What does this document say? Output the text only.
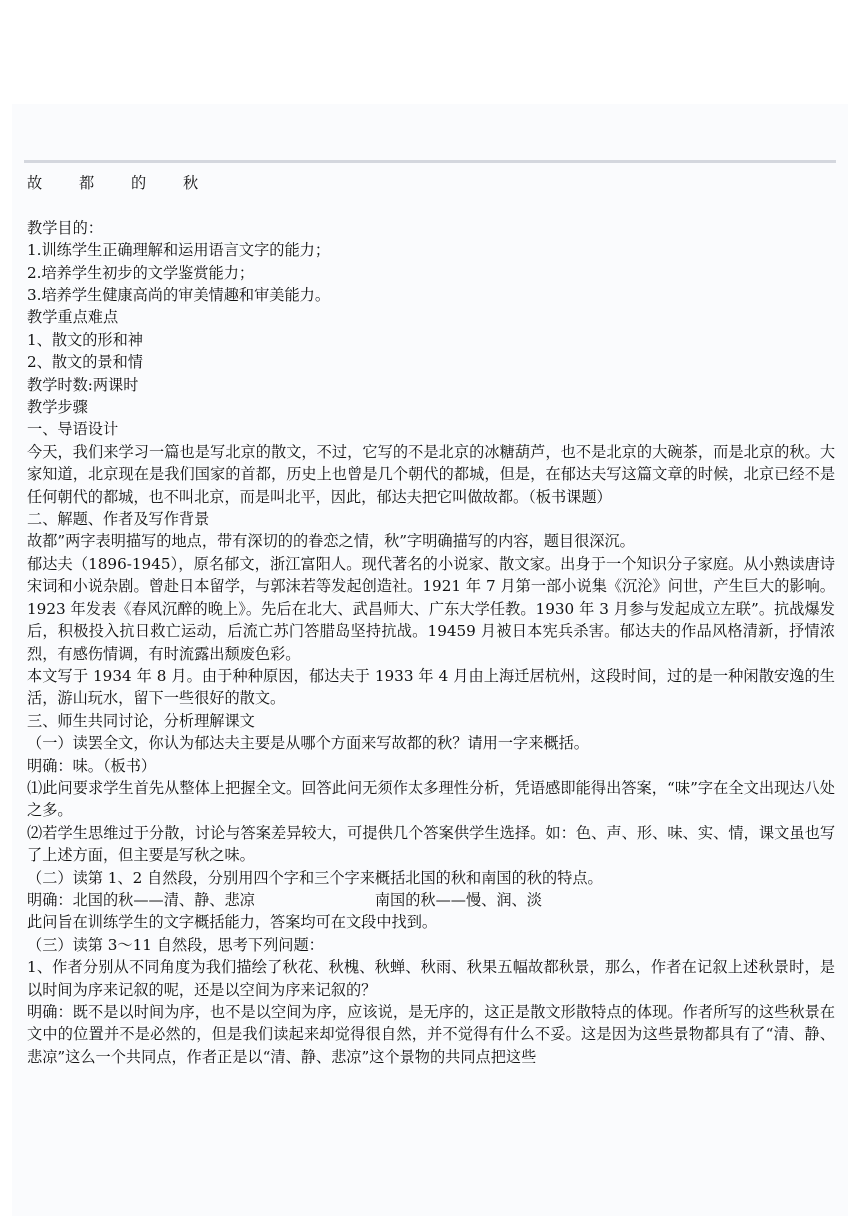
故 都 的 秋

教学目的：

1.训练学生正确理解和运用语言文字的能力；

2.培养学生初步的文学鉴赏能力；

3.培养学生健康高尚的审美情趣和审美能力。

教学重点难点

1、散文的形和神

2、散文的景和情

教学时数:两课时

教学步骤

一、导语设计

今天，我们来学习一篇也是写北京的散文，不过，它写的不是北京的冰糖葫芦，也不是北京的大碗茶，而是北京的秋。大家知道，北京现在是我们国家的首都，历史上也曾是几个朝代的都城，但是，在郁达夫写这篇文章的时候，北京已经不是任何朝代的都城，也不叫北京，而是叫北平，因此，郁达夫把它叫做故都。（板书课题）

二、解题、作者及写作背景

故都”两字表明描写的地点，带有深切的的眷恋之情，秋”字明确描写的内容，题目很深沉。

郁达夫（1896-1945），原名郁文，浙江富阳人。现代著名的小说家、散文家。出身于一个知识分子家庭。从小熟读唐诗宋词和小说杂剧。曾赴日本留学，与郭沫若等发起创造社。1921 年 7 月第一部小说集《沉沦》问世，产生巨大的影响。1923 年发表《春风沉醉的晚上》。先后在北大、武昌师大、广东大学任教。1930 年 3 月参与发起成立左联”。抗战爆发后，积极投入抗日救亡运动，后流亡苏门答腊岛坚持抗战。19459 月被日本宪兵杀害。郁达夫的作品风格清新，抒情浓烈，有感伤情调，有时流露出颓废色彩。

本文写于 1934 年 8 月。由于种种原因，郁达夫于 1933 年 4 月由上海迁居杭州，这段时间，过的是一种闲散安逸的生活，游山玩水，留下一些很好的散文。

三、师生共同讨论，分析理解课文

（一）读罢全文，你认为郁达夫主要是从哪个方面来写故都的秋？请用一字来概括。

明确：味。（板书）

⑴此问要求学生首先从整体上把握全文。回答此问无须作太多理性分析，凭语感即能得出答案，“味”字在全文出现达八处之多。

⑵若学生思维过于分散，讨论与答案差异较大，可提供几个答案供学生选择。如：色、声、形、味、实、情，课文虽也写了上述方面，但主要是写秋之味。

（二）读第 1、2 自然段，分别用四个字和三个字来概括北国的秋和南国的秋的特点。

明确：北国的秋——清、静、悲凉	南国的秋——慢、润、淡

此问旨在训练学生的文字概括能力，答案均可在文段中找到。

（三）读第 3～11 自然段，思考下列问题：

1、作者分别从不同角度为我们描绘了秋花、秋槐、秋蝉、秋雨、秋果五幅故都秋景，那么，作者在记叙上述秋景时，是以时间为序来记叙的呢，还是以空间为序来记叙的？

明确：既不是以时间为序，也不是以空间为序，应该说，是无序的，这正是散文形散特点的体现。作者所写的这些秋景在文中的位置并不是必然的，但是我们读起来却觉得很自然，并不觉得有什么不妥。这是因为这些景物都具有了“清、静、悲凉”这么一个共同点，作者正是以“清、静、悲凉”这个景物的共同点把这些
